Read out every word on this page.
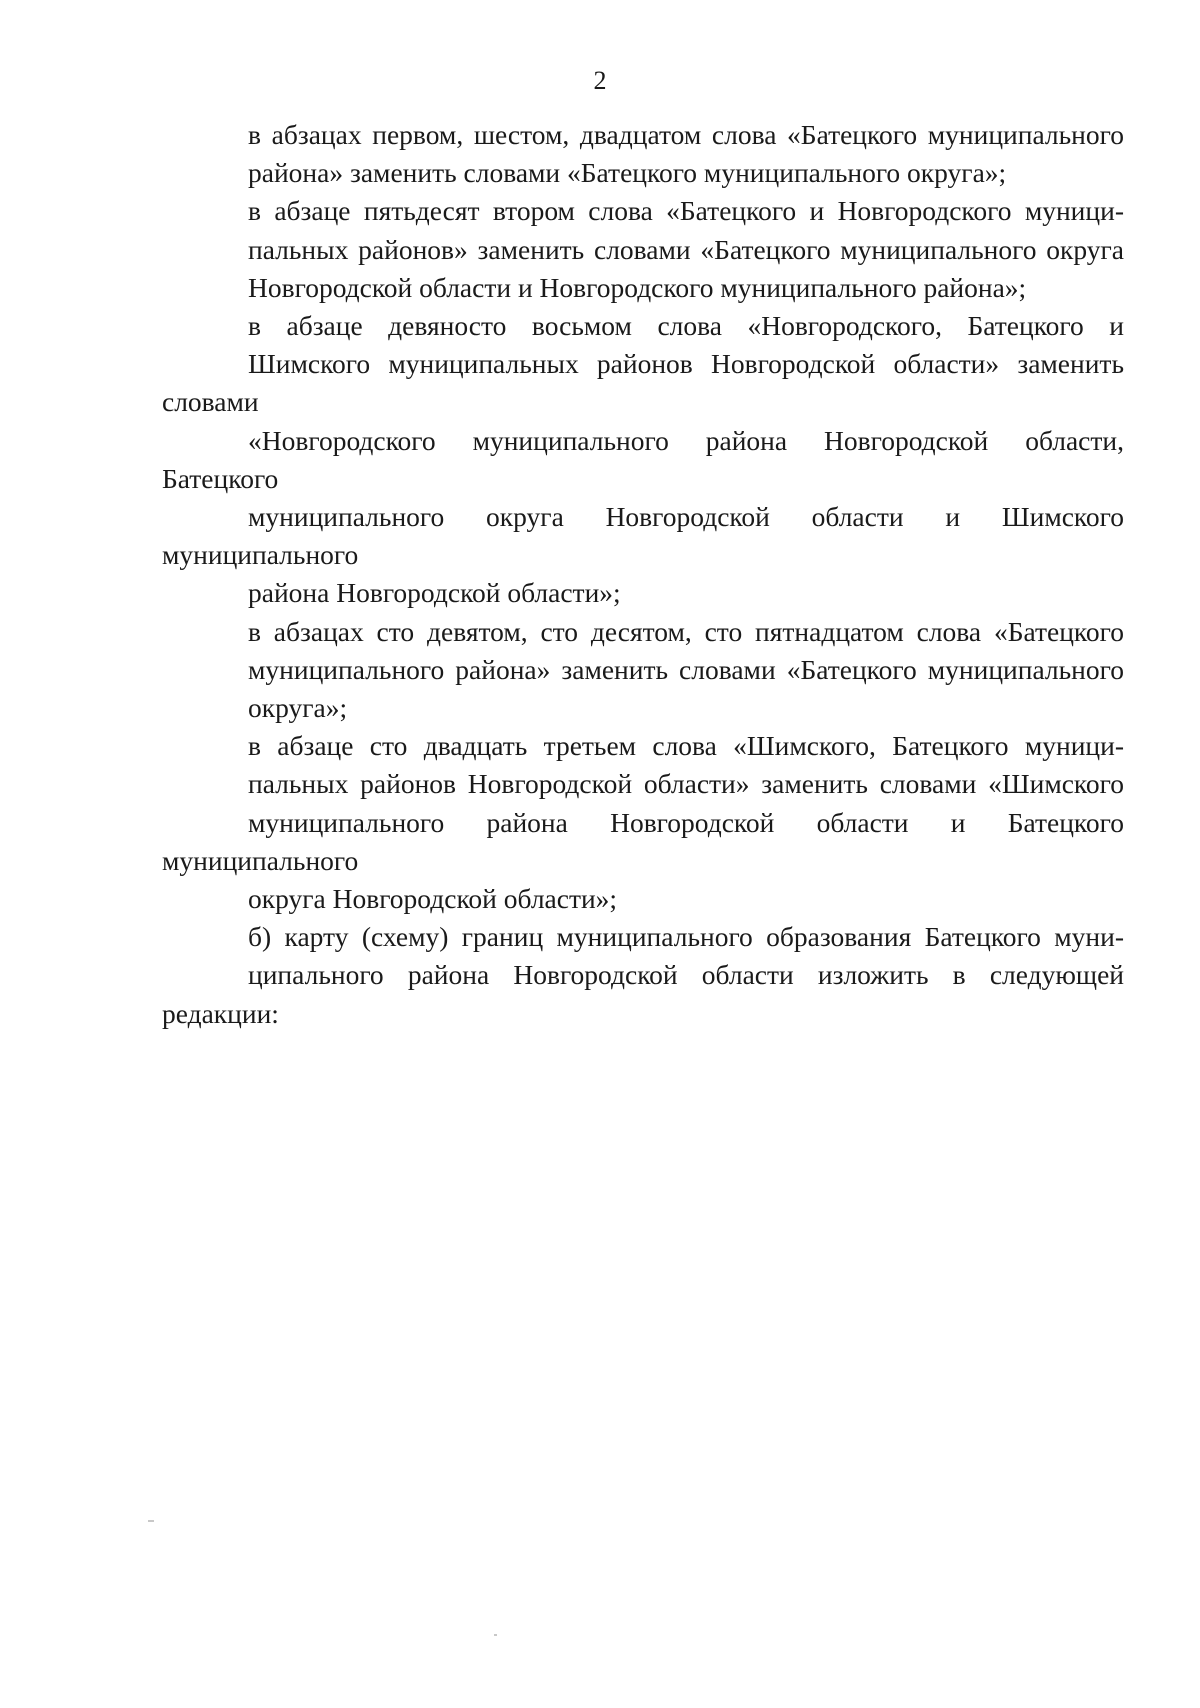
2

в абзацах первом, шестом, двадцатом слова «Батецкого муниципального
района» заменить словами «Батецкого муниципального округа»;

в абзаце пятьдесят втором слова «Батецкого и Новгородского муници-
пальных районов» заменить словами «Батецкого муниципального округа
Новгородской области и Новгородского муниципального района»;

в абзаце девяносто восьмом слова «Новгородского, Батецкого и
Шимского муниципальных районов Новгородской области» заменить словами
«Новгородского муниципального района Новгородской области, Батецкого
муниципального округа Новгородской области и Шимского муниципального
района Новгородской области»;

в абзацах сто девятом, сто десятом, сто пятнадцатом слова «Батецкого
муниципального района» заменить словами «Батецкого муниципального
округа»;

в абзаце сто двадцать третьем слова «Шимского, Батецкого муници-
пальных районов Новгородской области» заменить словами «Шимского
муниципального района Новгородской области и Батецкого муниципального
округа Новгородской области»;

б) карту (схему) границ муниципального образования Батецкого муни-
ципального района Новгородской области изложить в следующей редакции:
